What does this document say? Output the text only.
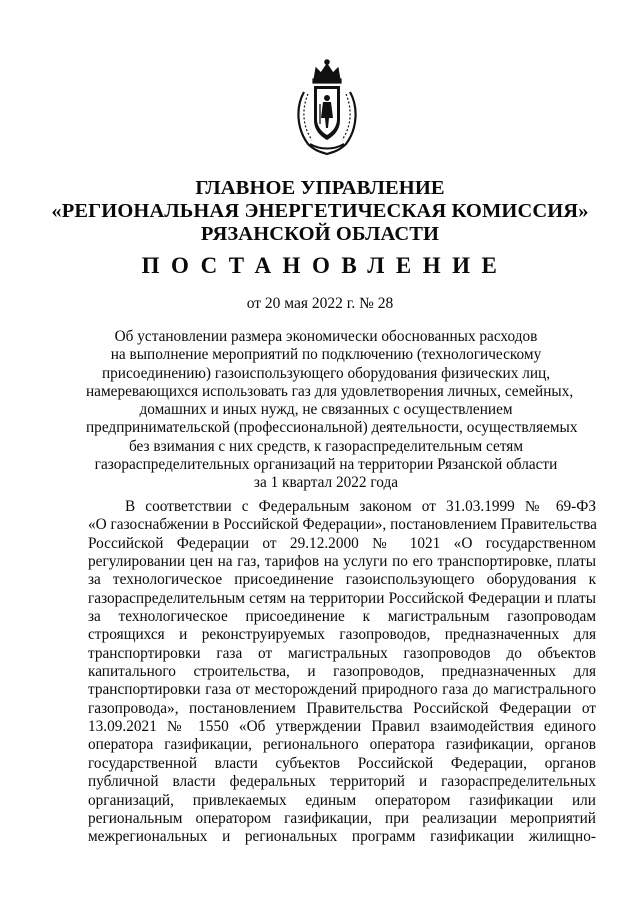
ГЛАВНОЕ УПРАВЛЕНИЕ
«РЕГИОНАЛЬНАЯ ЭНЕРГЕТИЧЕСКАЯ КОМИССИЯ»
РЯЗАНСКОЙ ОБЛАСТИ
ПОСТАНОВЛЕНИЕ
от 20 мая 2022 г. № 28
Об установлении размера экономически обоснованных расходов
на выполнение мероприятий по подключению (технологическому
присоединению) газоиспользующего оборудования физических лиц,
намеревающихся использовать газ для удовлетворения личных, семейных,
домашних и иных нужд, не связанных с осуществлением
предпринимательской (профессиональной) деятельности, осуществляемых
без взимания с них средств, к газораспределительным сетям
газораспределительных организаций на территории Рязанской области
за 1 квартал 2022 года
В соответствии с Федеральным законом от 31.03.1999 № 69-ФЗ
«О газоснабжении в Российской Федерации», постановлением Правительства
Российской Федерации от 29.12.2000 № 1021 «О государственном
регулировании цен на газ, тарифов на услуги по его транспортировке, платы
за технологическое присоединение газоиспользующего оборудования к
газораспределительным сетям на территории Российской Федерации и платы
за технологическое присоединение к магистральным газопроводам
строящихся и реконструируемых газопроводов, предназначенных для
транспортировки газа от магистральных газопроводов до объектов
капитального строительства, и газопроводов, предназначенных для
транспортировки газа от месторождений природного газа до магистрального
газопровода», постановлением Правительства Российской Федерации от
13.09.2021 № 1550 «Об утверждении Правил взаимодействия единого
оператора газификации, регионального оператора газификации, органов
государственной власти субъектов Российской Федерации, органов
публичной власти федеральных территорий и газораспределительных
организаций, привлекаемых единым оператором газификации или
региональным оператором газификации, при реализации мероприятий
межрегиональных и региональных программ газификации жилищно-
